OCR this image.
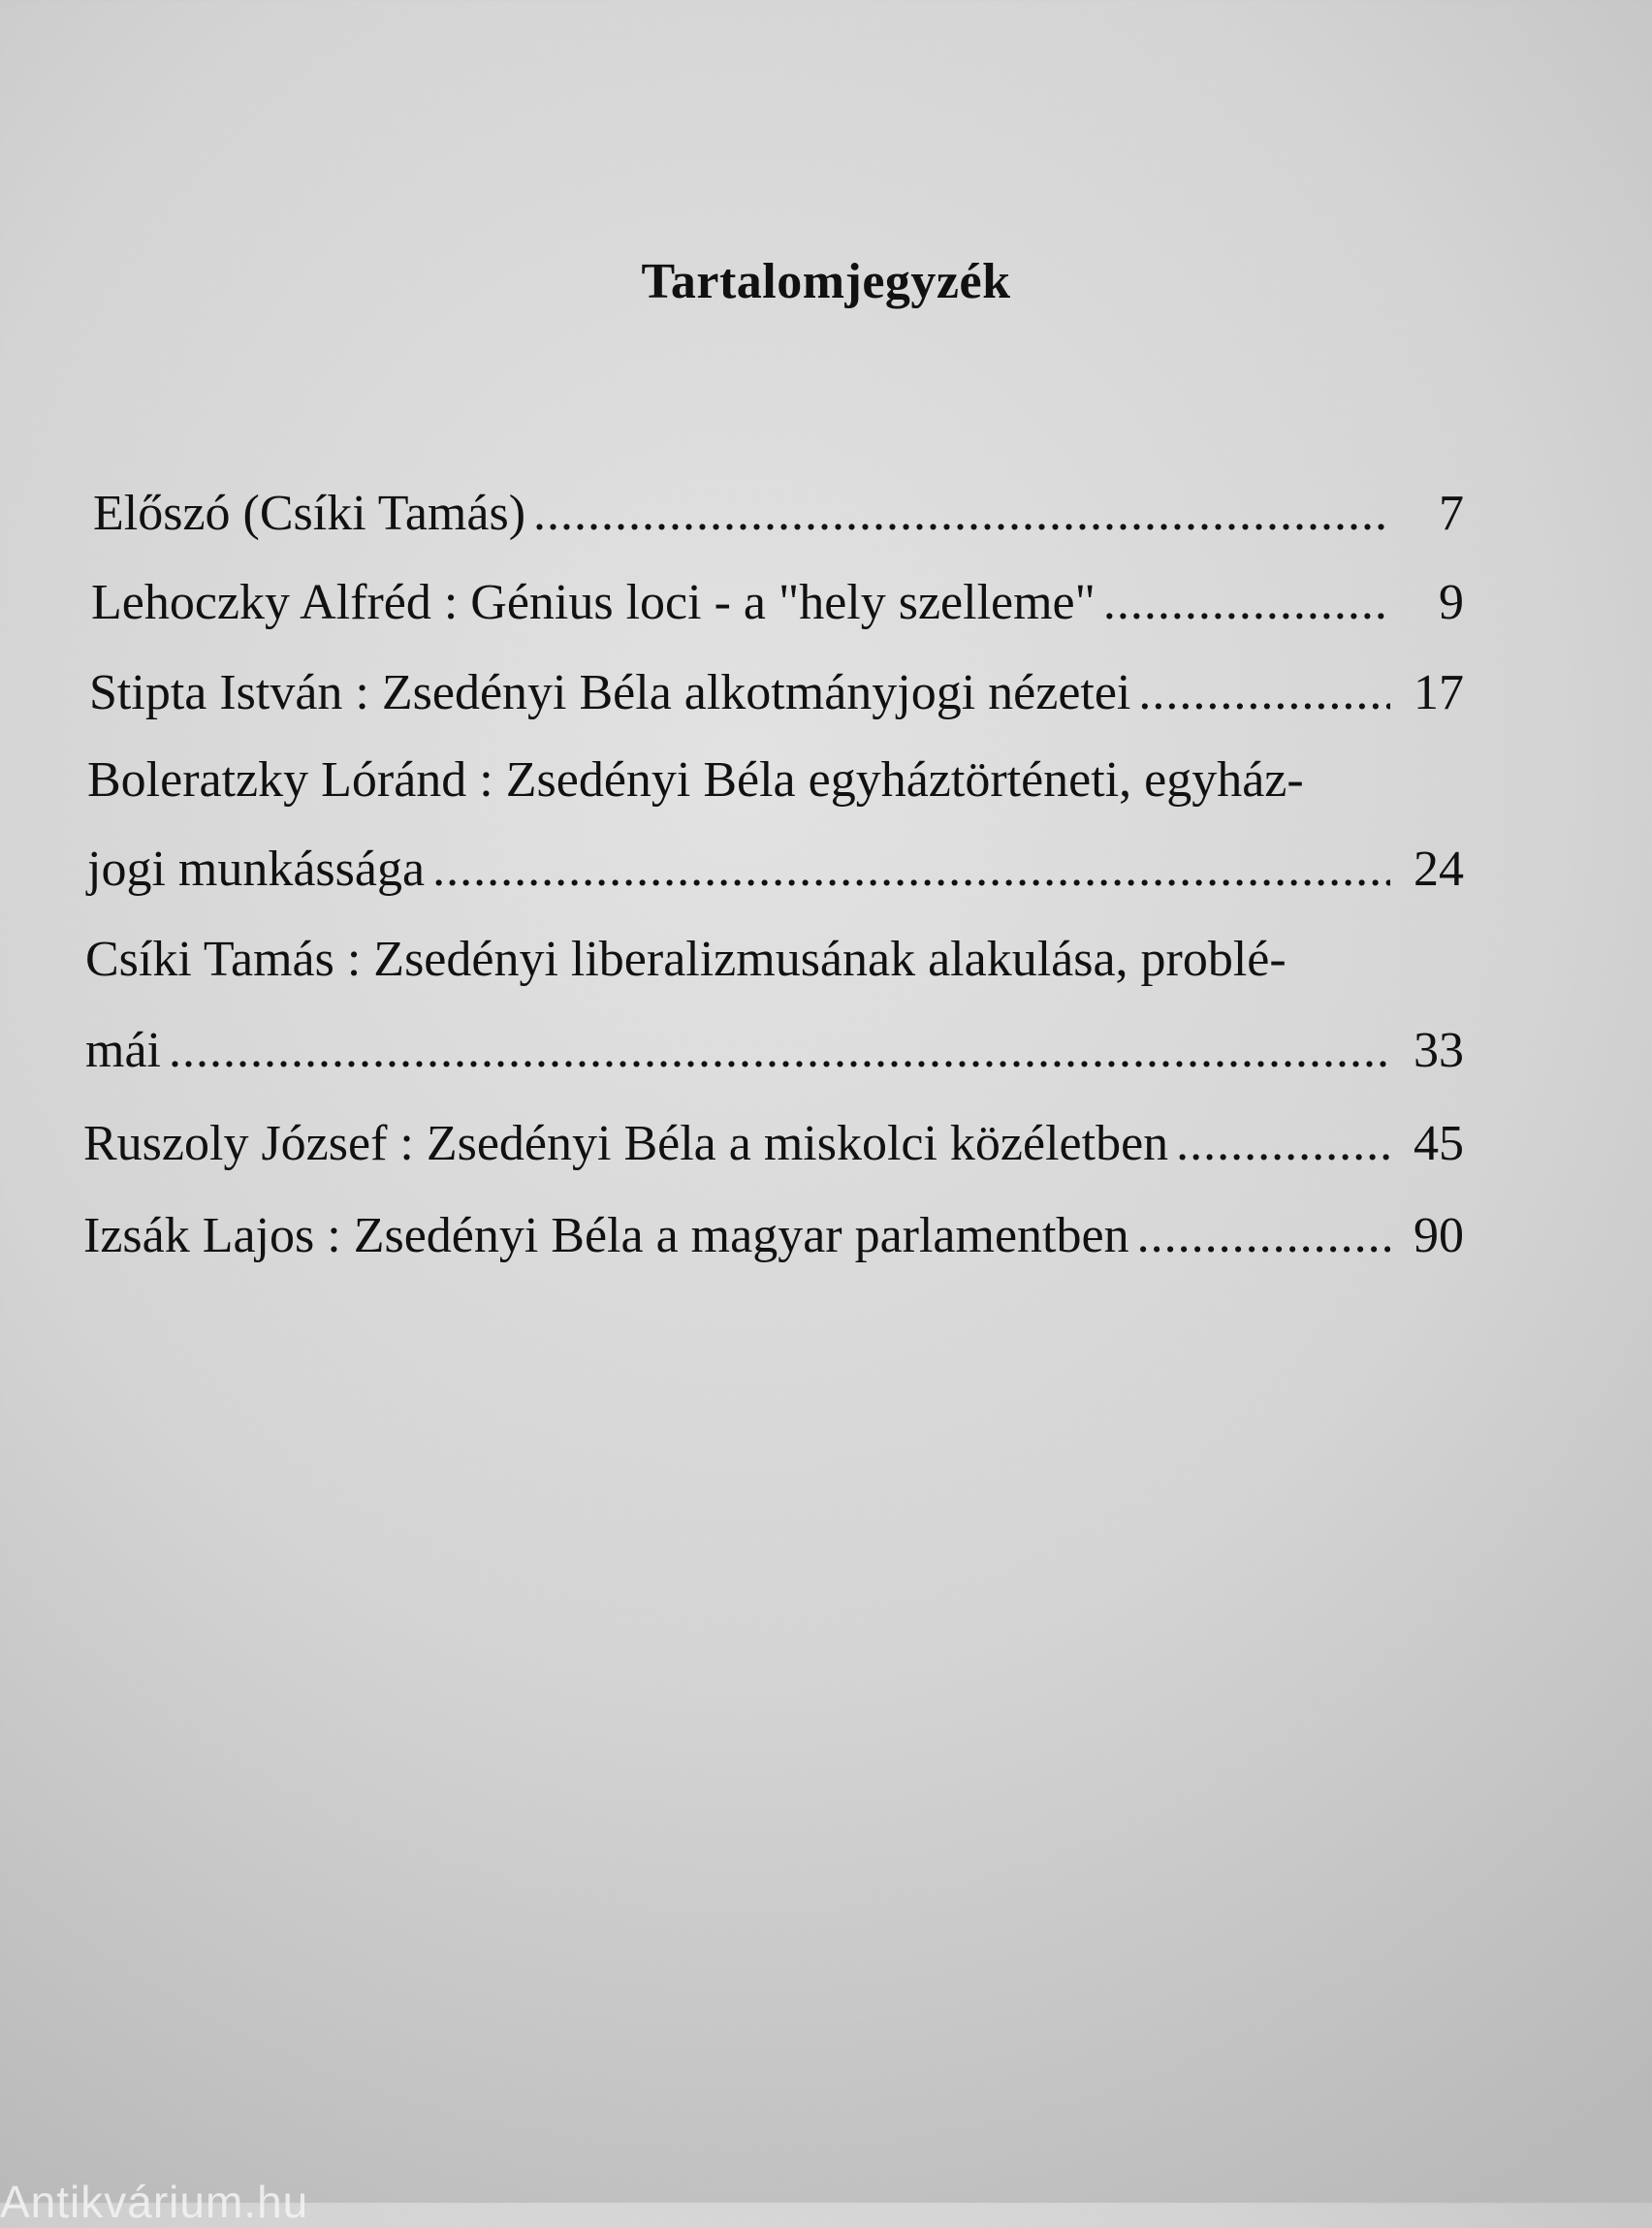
Tartalomjegyzék
Előszó (Csíki Tamás) .....	7
Lehoczky Alfréd : Génius loci - a "hely szelleme" .....	9
Stipta István : Zsedényi Béla alkotmányjogi nézetei .....	17
Boleratzky Lóránd : Zsedényi Béla egyháztörténeti, egyház-
jogi munkássága .....	24
Csíki Tamás : Zsedényi liberalizmusának alakulása, problé-
mái .....	33
Ruszoly József : Zsedényi Béla a miskolci közéletben .....	45
Izsák Lajos : Zsedényi Béla a magyar parlamentben .....	90
Antikvárium.hu
